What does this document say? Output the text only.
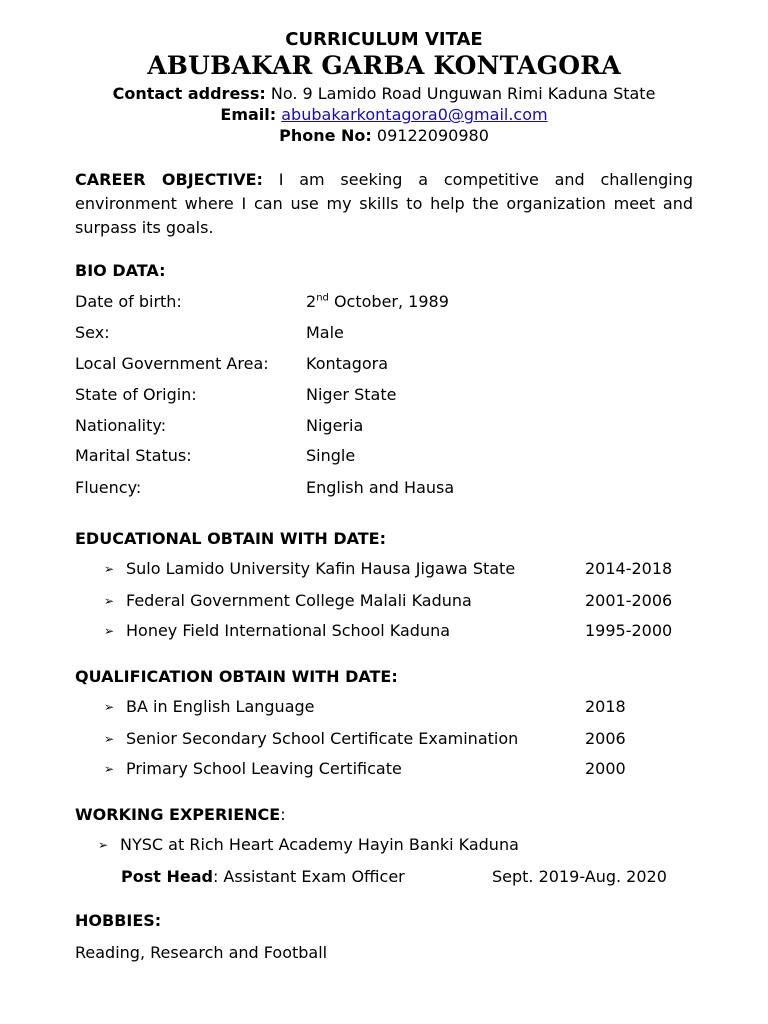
CURRICULUM VITAE
ABUBAKAR GARBA KONTAGORA
Contact address: No. 9 Lamido Road Unguwan Rimi Kaduna State
Email: abubakarkontagora0@gmail.com
Phone No: 09122090980
CAREER OBJECTIVE: I am seeking a competitive and challenging environment where I can use my skills to help the organization meet and surpass its goals.
BIO DATA:
Date of birth:	2nd October, 1989
Sex:	Male
Local Government Area: Kontagora
State of Origin:	Niger State
Nationality:	Nigeria
Marital Status:	Single
Fluency:	English and Hausa
EDUCATIONAL OBTAIN WITH DATE:
➢ Sulo Lamido University Kafin Hausa Jigawa State	2014-2018
➢ Federal Government College Malali Kaduna	2001-2006
➢ Honey Field International School Kaduna	1995-2000
QUALIFICATION OBTAIN WITH DATE:
➢ BA in English Language	2018
➢ Senior Secondary School Certificate Examination	2006
➢ Primary School Leaving Certificate	2000
WORKING EXPERIENCE:
➢ NYSC at Rich Heart Academy Hayin Banki Kaduna
Post Head: Assistant Exam Officer	Sept. 2019-Aug. 2020
HOBBIES:
Reading, Research and Football
